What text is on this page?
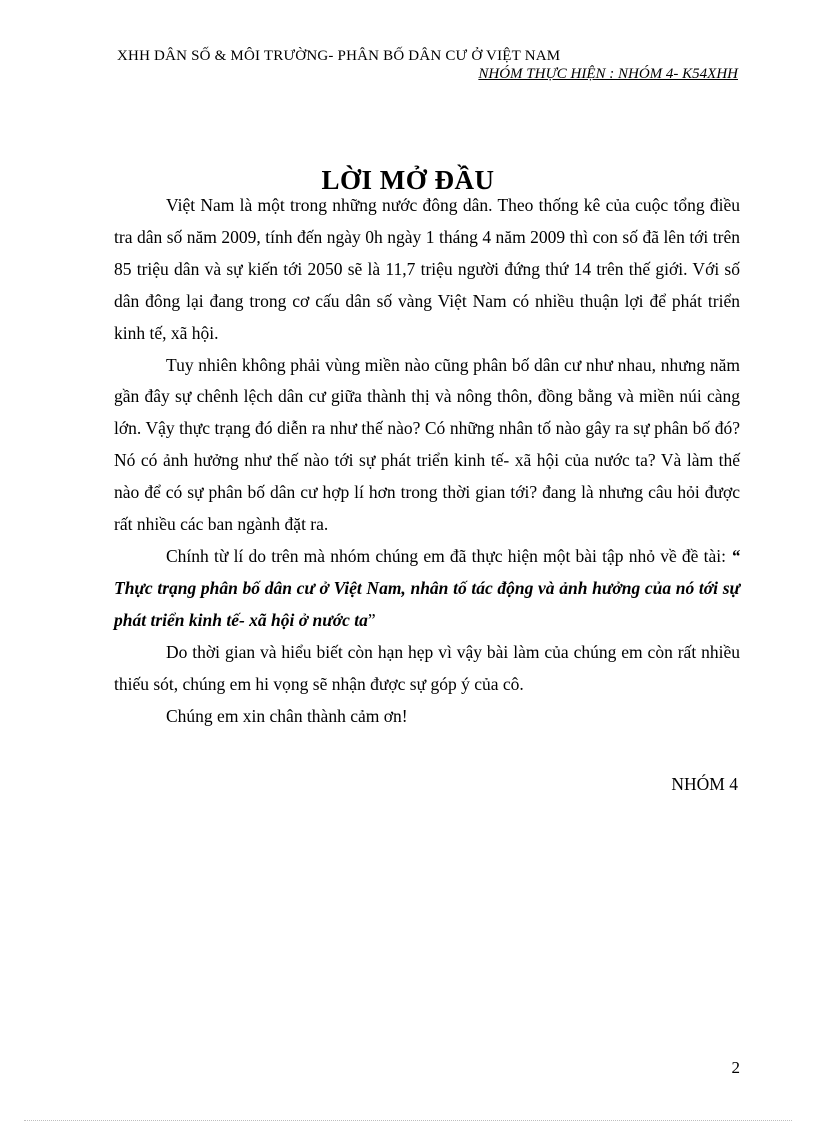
XHH DÂN SỐ & MÔI TRƯỜNG- PHÂN BỐ DÂN CƯ Ở VIỆT NAM
NHÓM THỰC HIỆN : NHÓM 4- K54XHH
LỜI MỞ ĐẦU

Việt Nam là một trong những nước đông dân. Theo thống kê của cuộc tổng điều tra dân số năm 2009, tính đến ngày 0h ngày 1 tháng 4 năm 2009 thì con số đã lên tới trên 85 triệu dân và sự kiến tới 2050 sẽ là 11,7 triệu người đứng thứ 14 trên thế giới. Với số dân đông lại đang trong cơ cấu dân số vàng Việt Nam có nhiều thuận lợi để phát triển kinh tế, xã hội.

Tuy nhiên không phải vùng miền nào cũng phân bố dân cư như nhau, nhưng năm gần đây sự chênh lệch dân cư giữa thành thị và nông thôn, đồng bằng và miền núi càng lớn. Vậy thực trạng đó diễn ra như thế nào? Có những nhân tố nào gây ra sự phân bố đó? Nó có ảnh hưởng như thế nào tới sự phát triển kinh tế- xã hội của nước ta? Và làm thế nào để có sự phân bố dân cư hợp lí hơn trong thời gian tới? đang là nhưng câu hỏi được rất nhiều các ban ngành đặt ra.

Chính từ lí do trên mà nhóm chúng em đã thực hiện một bài tập nhỏ về đề tài: “ Thực trạng phân bố dân cư ở Việt Nam, nhân tố tác động và ảnh hưởng của nó tới sự phát triển kinh tế- xã hội ở nước ta”

Do thời gian và hiểu biết còn hạn hẹp vì vậy bài làm của chúng em còn rất nhiều thiếu sót, chúng em hi vọng sẽ nhận được sự góp ý của cô.

Chúng em xin chân thành cảm ơn!

NHÓM 4
2
